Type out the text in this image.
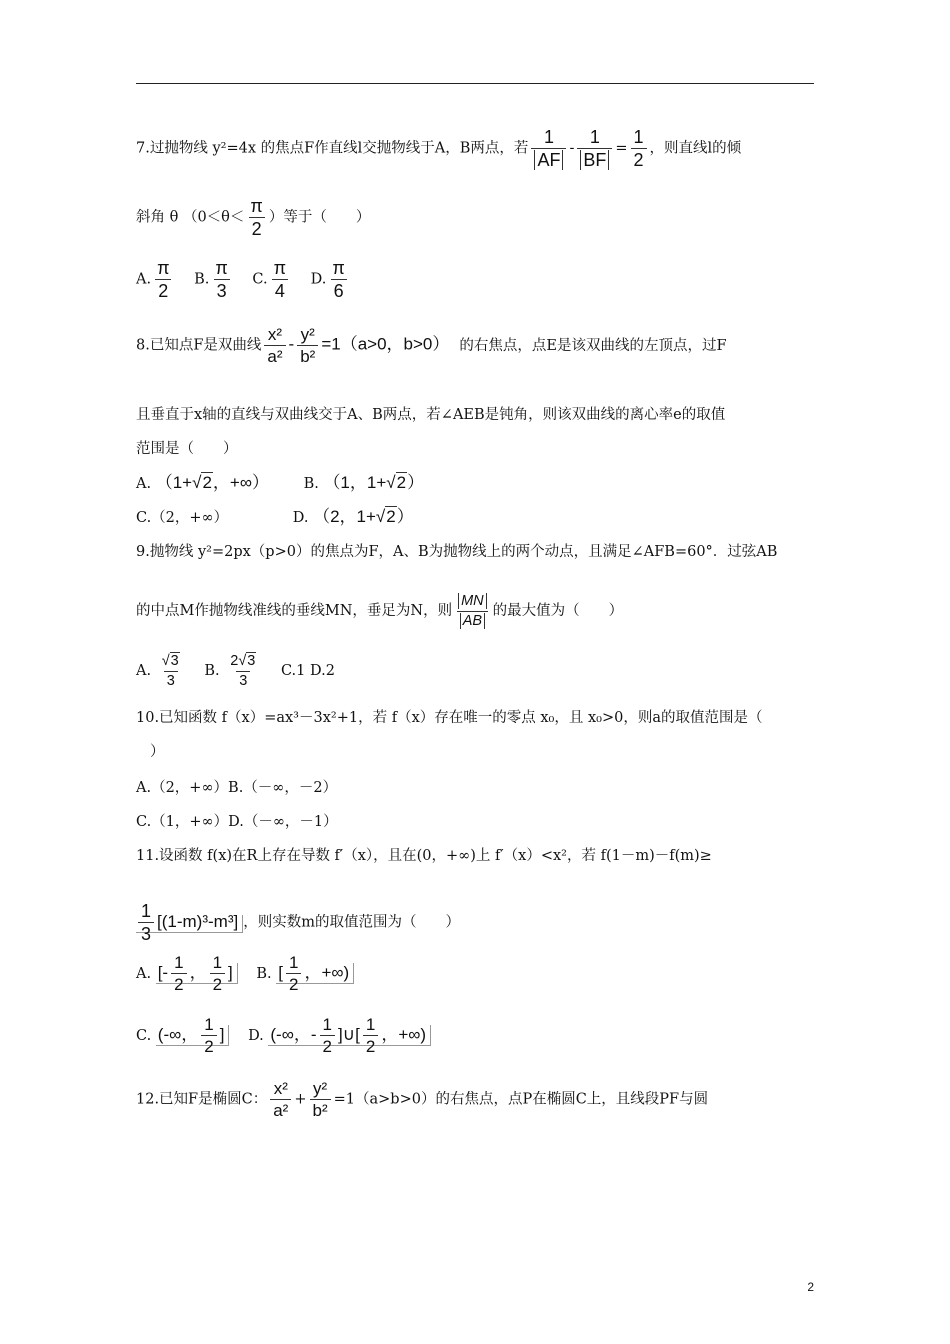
7.过抛物线 y²=4x 的焦点F作直线l交抛物线于A，B两点，若 $\frac{1}{AF} - \frac{1}{BF} = \frac{1}{2}$ ，则直线l的倾
斜角 θ （$0<\theta< \frac{\pi}{2}$ ）等于（　　）
A. $\frac{\pi}{2} B$. $\frac{\pi}{3} C$. $\frac{\pi}{4} D$. $\frac{\pi}{6}$
8.已知点F是双曲线 $\frac{\text{x²}}{\text{a²}} - \frac{\text{y²}}{\text{b²}} =1(a>0$，b>0） 的右焦点，点E是该双曲线的左顶点，过F
且垂直于x轴的直线与双曲线交于A、B两点，若∠AEB是钝角，则该双曲线的离心率e的取值
范围是（　　）
A. （1+√2，+∞） B. （1，1+√2）
C.（2，+∞）	D. （2，1+√2）
9.抛物线 y²=2px（p>0）的焦点为F，A、B为抛物线上的两个动点，且满足∠AFB=60°．过弦AB
的中点M作抛物线准线的垂线MN，垂足为N，则 $\frac{MN}{AB}$ 的最大值为（　　）
A. $\frac{√3}{3} B$. $\frac{2√3}{3} C.1$ D.2
10.已知函数 f（x）=ax³－3x²+1，若 f（x）存在唯一的零点 x₀，且 x₀>0，则a的取值范围是（
）
A.（2，+∞）B.（－∞，－2）
C.（1，+∞）D.（－∞，－1）
11.设函数 f(x)在R上存在导数 f′（x），且在(0，+∞)上 f′（x）<x²，若 f(1－m)－f(m)≥
$\frac{1}{3} [(1-m)^3-m^3]$ ，则实数m的取值范围为（　　）
A. [- $\frac{1}{2}$ ， $\frac{1}{2}$ ] B. [ $\frac{1}{2}$ ，+∞)
C. (-∞， $\frac{1}{2}$ ] D. (-∞，- $\frac{1}{2}$ ]∪[ $\frac{1}{2}$ ，+∞)
12.已知F是椭圆C： $\frac{\text{x²}}{\text{a²}} + \frac{\text{y²}}{\text{b²}} =1(a>b>0)$的右焦点，点P在椭圆C上，且线段PF与圆
2
